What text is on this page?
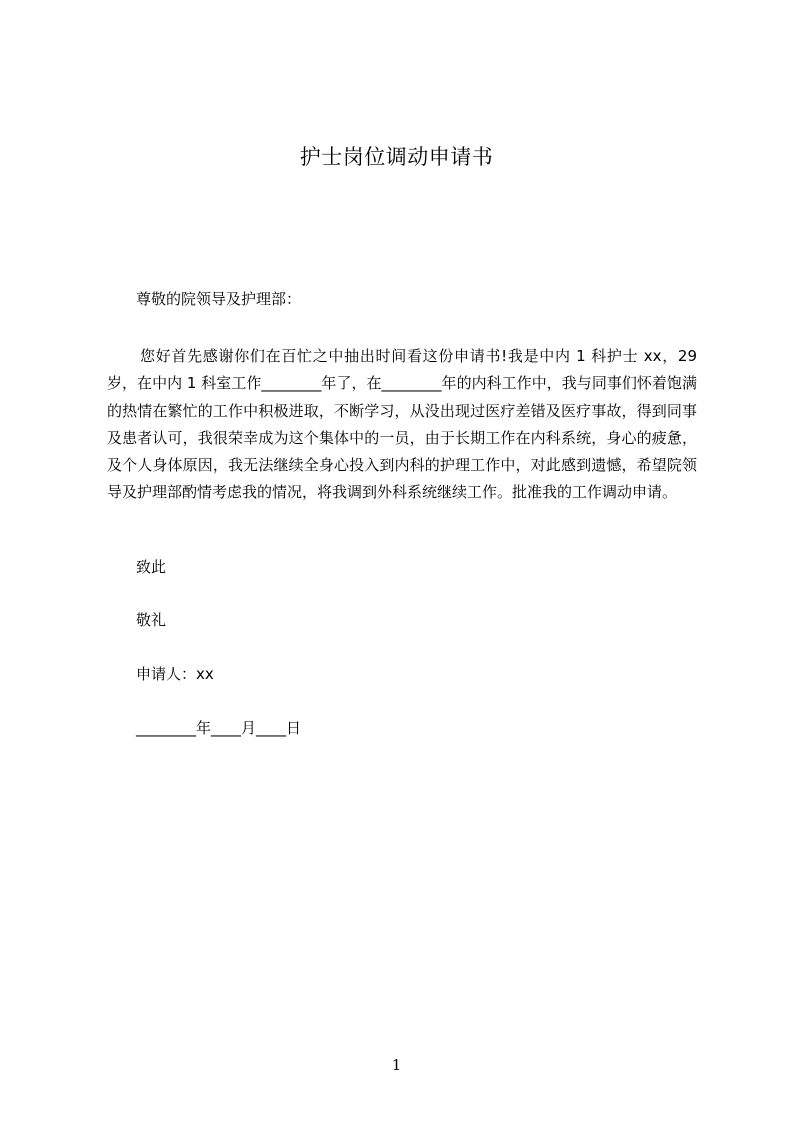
护士岗位调动申请书
尊敬的院领导及护理部：

您好首先感谢你们在百忙之中抽出时间看这份申请书!我是中内 1 科护士 xx，29 岁，在中内 1 科室工作________年了，在________年的内科工作中，我与同事们怀着饱满的热情在繁忙的工作中积极进取，不断学习，从没出现过医疗差错及医疗事故，得到同事及患者认可，我很荣幸成为这个集体中的一员，由于长期工作在内科系统，身心的疲惫，及个人身体原因，我无法继续全身心投入到内科的护理工作中，对此感到遗憾，希望院领导及护理部酌情考虑我的情况，将我调到外科系统继续工作。批准我的工作调动申请。

致此
敬礼
申请人：xx
________年____月____日
1
